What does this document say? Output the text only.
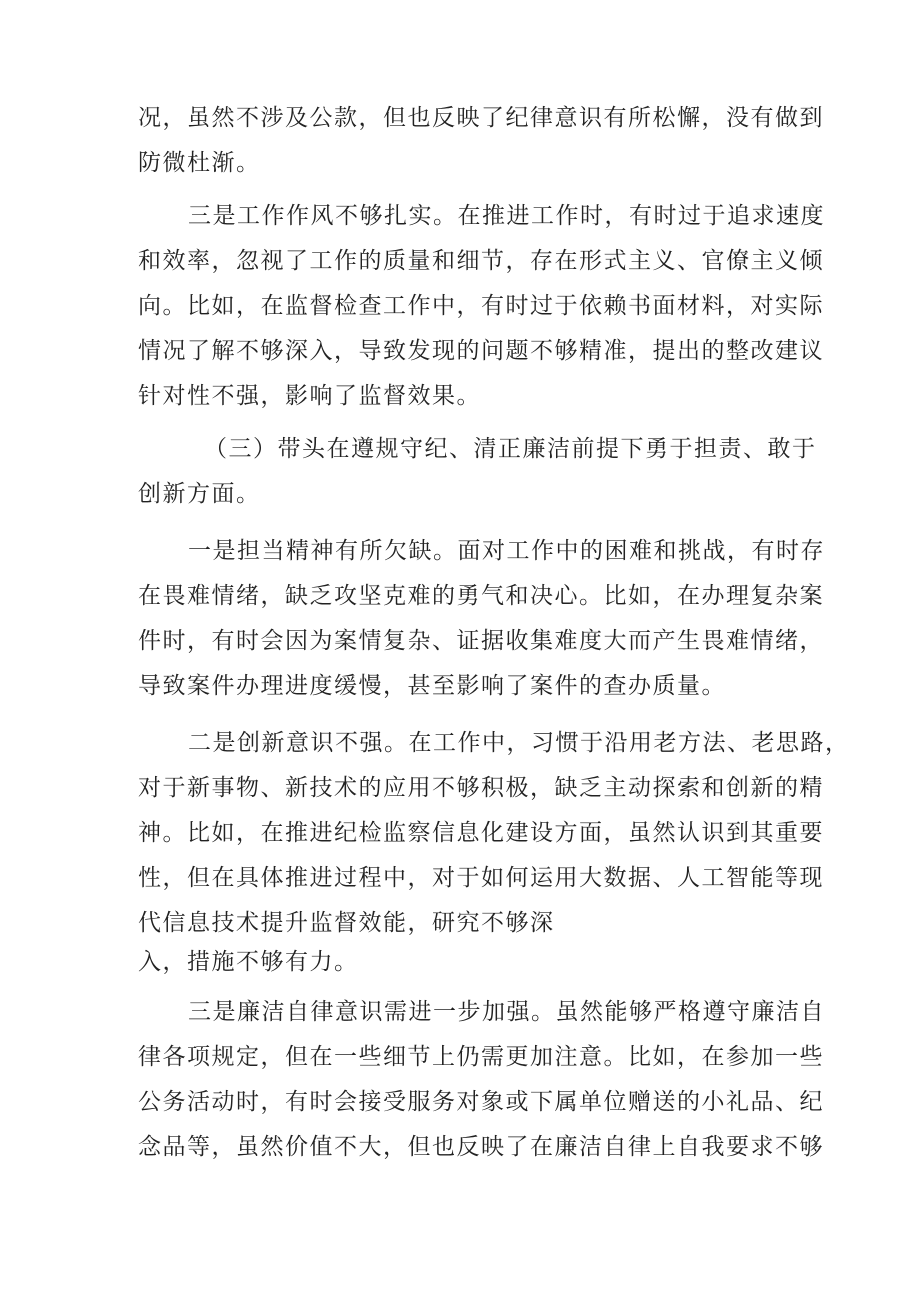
况，虽然不涉及公款，但也反映了纪律意识有所松懈，没有做到
防微杜渐。
三是工作作风不够扎实。在推进工作时，有时过于追求速度
和效率，忽视了工作的质量和细节，存在形式主义、官僚主义倾
向。比如，在监督检查工作中，有时过于依赖书面材料，对实际
情况了解不够深入，导致发现的问题不够精准，提出的整改建议
针对性不强，影响了监督效果。
（三）带头在遵规守纪、清正廉洁前提下勇于担责、敢于
创新方面。
一是担当精神有所欠缺。面对工作中的困难和挑战，有时存
在畏难情绪，缺乏攻坚克难的勇气和决心。比如，在办理复杂案
件时，有时会因为案情复杂、证据收集难度大而产生畏难情绪，
导致案件办理进度缓慢，甚至影响了案件的查办质量。
二是创新意识不强。在工作中，习惯于沿用老方法、老思路，
对于新事物、新技术的应用不够积极，缺乏主动探索和创新的精
神。比如，在推进纪检监察信息化建设方面，虽然认识到其重要
性，但在具体推进过程中，对于如何运用大数据、人工智能等现
代信息技术提升监督效能，研究不够深
入，措施不够有力。
三是廉洁自律意识需进一步加强。虽然能够严格遵守廉洁自
律各项规定，但在一些细节上仍需更加注意。比如，在参加一些
公务活动时，有时会接受服务对象或下属单位赠送的小礼品、纪
念品等，虽然价值不大，但也反映了在廉洁自律上自我要求不够
